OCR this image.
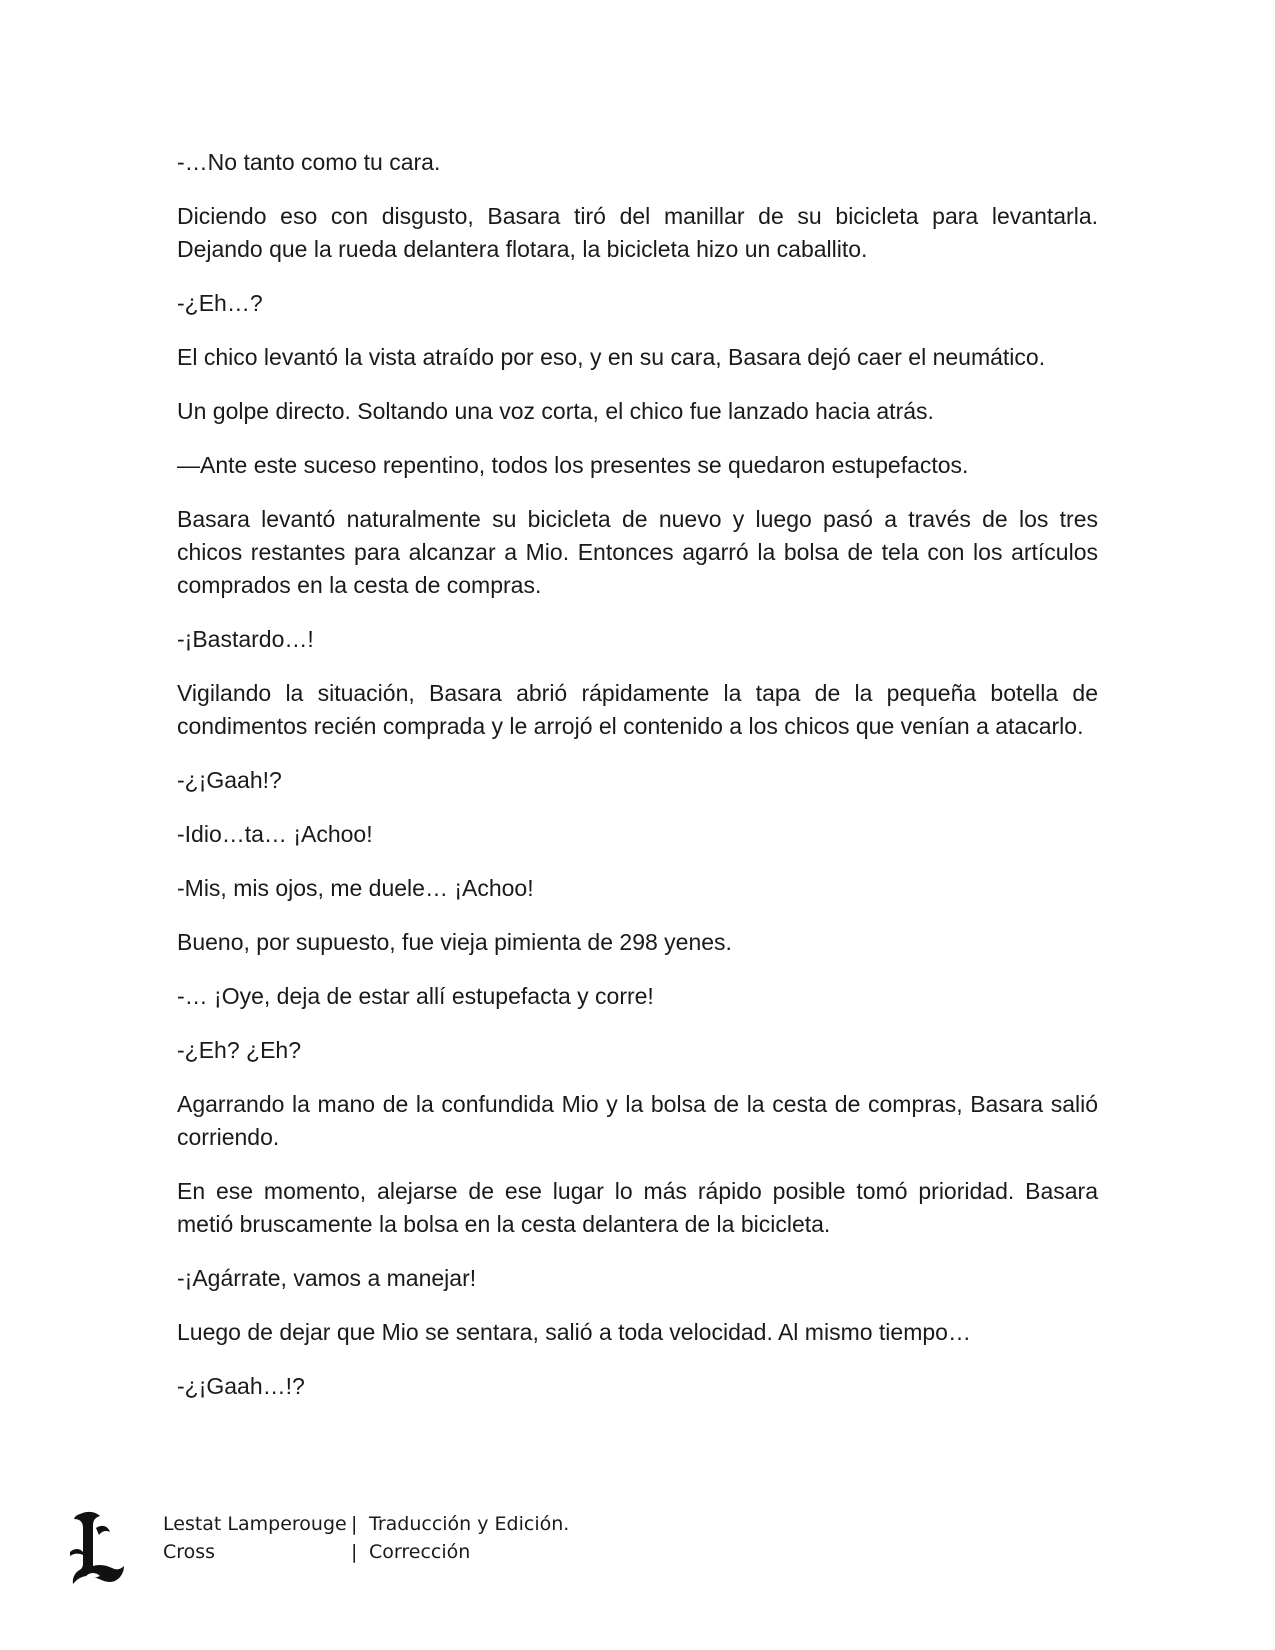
-…No tanto como tu cara.

Diciendo eso con disgusto, Basara tiró del manillar de su bicicleta para levantarla. Dejando que la rueda delantera flotara, la bicicleta hizo un caballito.

-¿Eh…?

El chico levantó la vista atraído por eso, y en su cara, Basara dejó caer el neumático.

Un golpe directo. Soltando una voz corta, el chico fue lanzado hacia atrás.

—Ante este suceso repentino, todos los presentes se quedaron estupefactos.

Basara levantó naturalmente su bicicleta de nuevo y luego pasó a través de los tres chicos restantes para alcanzar a Mio. Entonces agarró la bolsa de tela con los artículos comprados en la cesta de compras.

-¡Bastardo…!

Vigilando la situación, Basara abrió rápidamente la tapa de la pequeña botella de condimentos recién comprada y le arrojó el contenido a los chicos que venían a atacarlo.

-¿¡Gaah!?

-Idio…ta… ¡Achoo!

-Mis, mis ojos, me duele… ¡Achoo!

Bueno, por supuesto, fue vieja pimienta de 298 yenes.

-… ¡Oye, deja de estar allí estupefacta y corre!

-¿Eh? ¿Eh?

Agarrando la mano de la confundida Mio y la bolsa de la cesta de compras, Basara salió corriendo.

En ese momento, alejarse de ese lugar lo más rápido posible tomó prioridad. Basara metió bruscamente la bolsa en la cesta delantera de la bicicleta.

-¡Agárrate, vamos a manejar!

Luego de dejar que Mio se sentara, salió a toda velocidad. Al mismo tiempo…

-¿¡Gaah…!?

Lestat Lamperouge | Traducción y Edición.
Cross	| Corrección
